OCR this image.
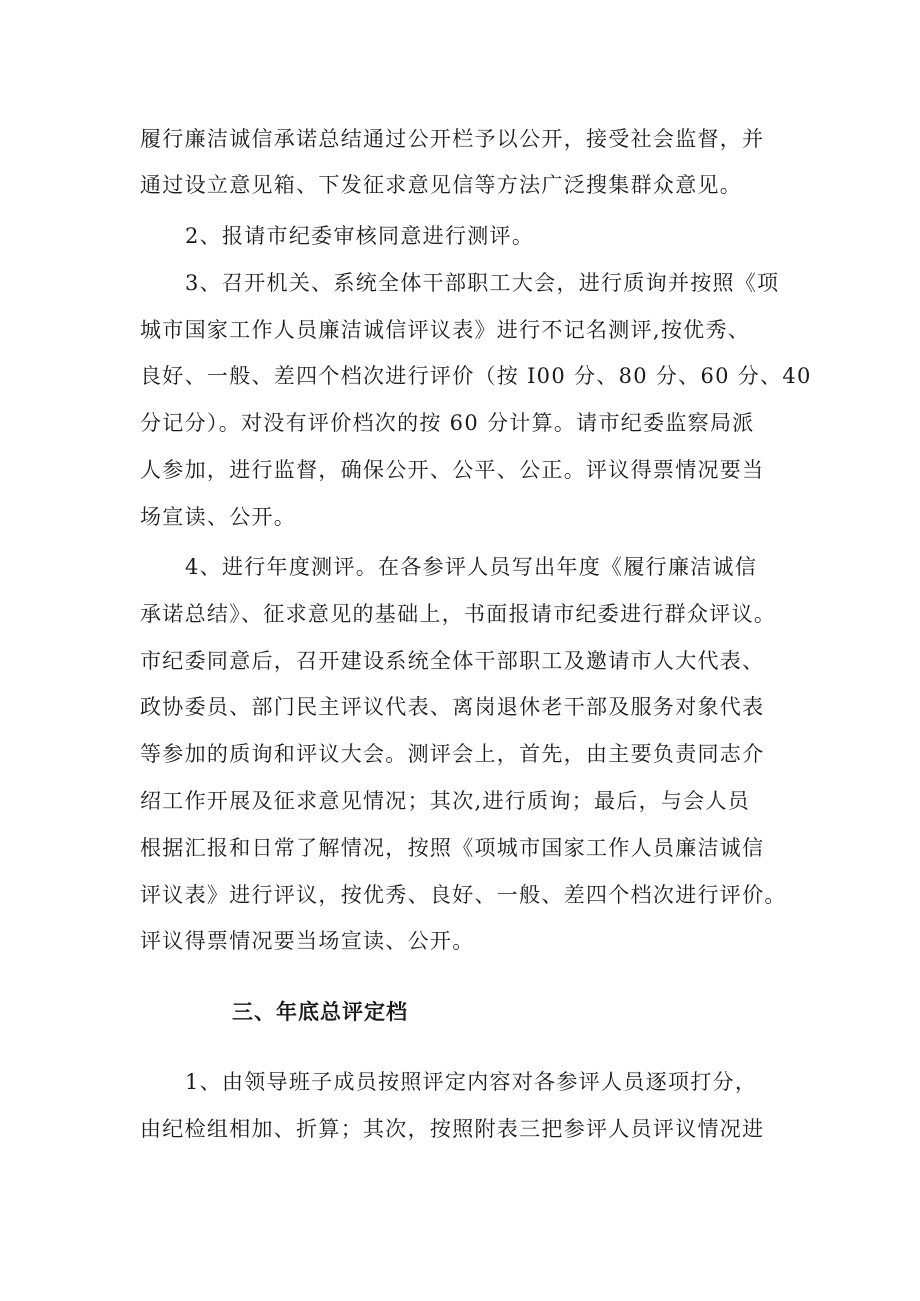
履行廉洁诚信承诺总结通过公开栏予以公开，接受社会监督，并
通过设立意见箱、下发征求意见信等方法广泛搜集群众意见。
2、报请市纪委审核同意进行测评。
3、召开机关、系统全体干部职工大会，进行质询并按照《项
城市国家工作人员廉洁诚信评议表》进行不记名测评,按优秀、
良好、一般、差四个档次进行评价（按 I00 分、80 分、60 分、40
分记分）。对没有评价档次的按 60 分计算。请市纪委监察局派
人参加，进行监督，确保公开、公平、公正。评议得票情况要当
场宣读、公开。
4、进行年度测评。在各参评人员写出年度《履行廉洁诚信
承诺总结》、征求意见的基础上，书面报请市纪委进行群众评议。
市纪委同意后，召开建设系统全体干部职工及邀请市人大代表、
政协委员、部门民主评议代表、离岗退休老干部及服务对象代表
等参加的质询和评议大会。测评会上，首先，由主要负责同志介
绍工作开展及征求意见情况；其次,进行质询；最后，与会人员
根据汇报和日常了解情况，按照《项城市国家工作人员廉洁诚信
评议表》进行评议，按优秀、良好、一般、差四个档次进行评价。
评议得票情况要当场宣读、公开。
三、年底总评定档
1、由领导班子成员按照评定内容对各参评人员逐项打分，
由纪检组相加、折算；其次，按照附表三把参评人员评议情况进
